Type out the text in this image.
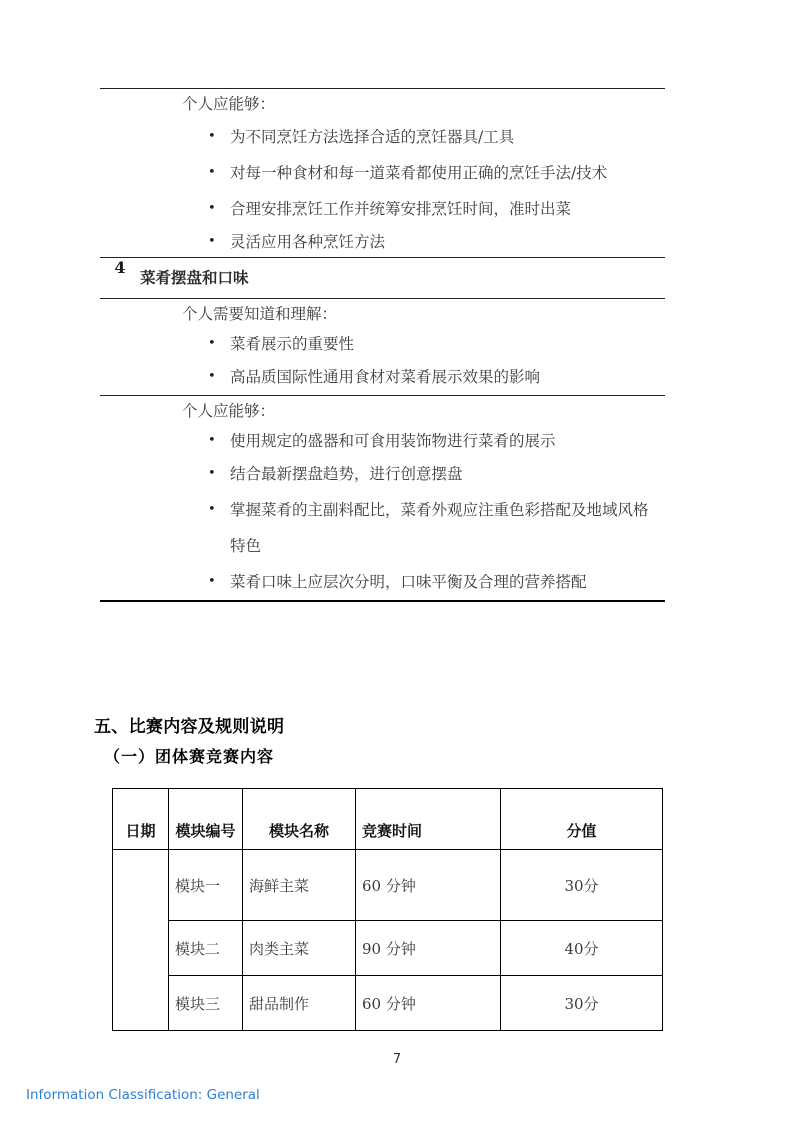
个人应能够：
• 为不同烹饪方法选择合适的烹饪器具/工具
• 对每一种食材和每一道菜肴都使用正确的烹饪手法/技术
• 合理安排烹饪工作并统筹安排烹饪时间，准时出菜
• 灵活应用各种烹饪方法

4	菜肴摆盘和口味

个人需要知道和理解：
• 菜肴展示的重要性
• 高品质国际性通用食材对菜肴展示效果的影响

个人应能够：
• 使用规定的盛器和可食用装饰物进行菜肴的展示
• 结合最新摆盘趋势，进行创意摆盘
• 掌握菜肴的主副料配比，菜肴外观应注重色彩搭配及地域风格特色
• 菜肴口味上应层次分明，口味平衡及合理的营养搭配
五、比赛内容及规则说明
（一）团体赛竞赛内容
日期	模块编号	模块名称	竞赛时间	分值
	模块一	海鲜主菜	60 分钟	30分
	模块二	肉类主菜	90 分钟	40分
	模块三	甜品制作	60 分钟	30分
7
Information Classification: General
